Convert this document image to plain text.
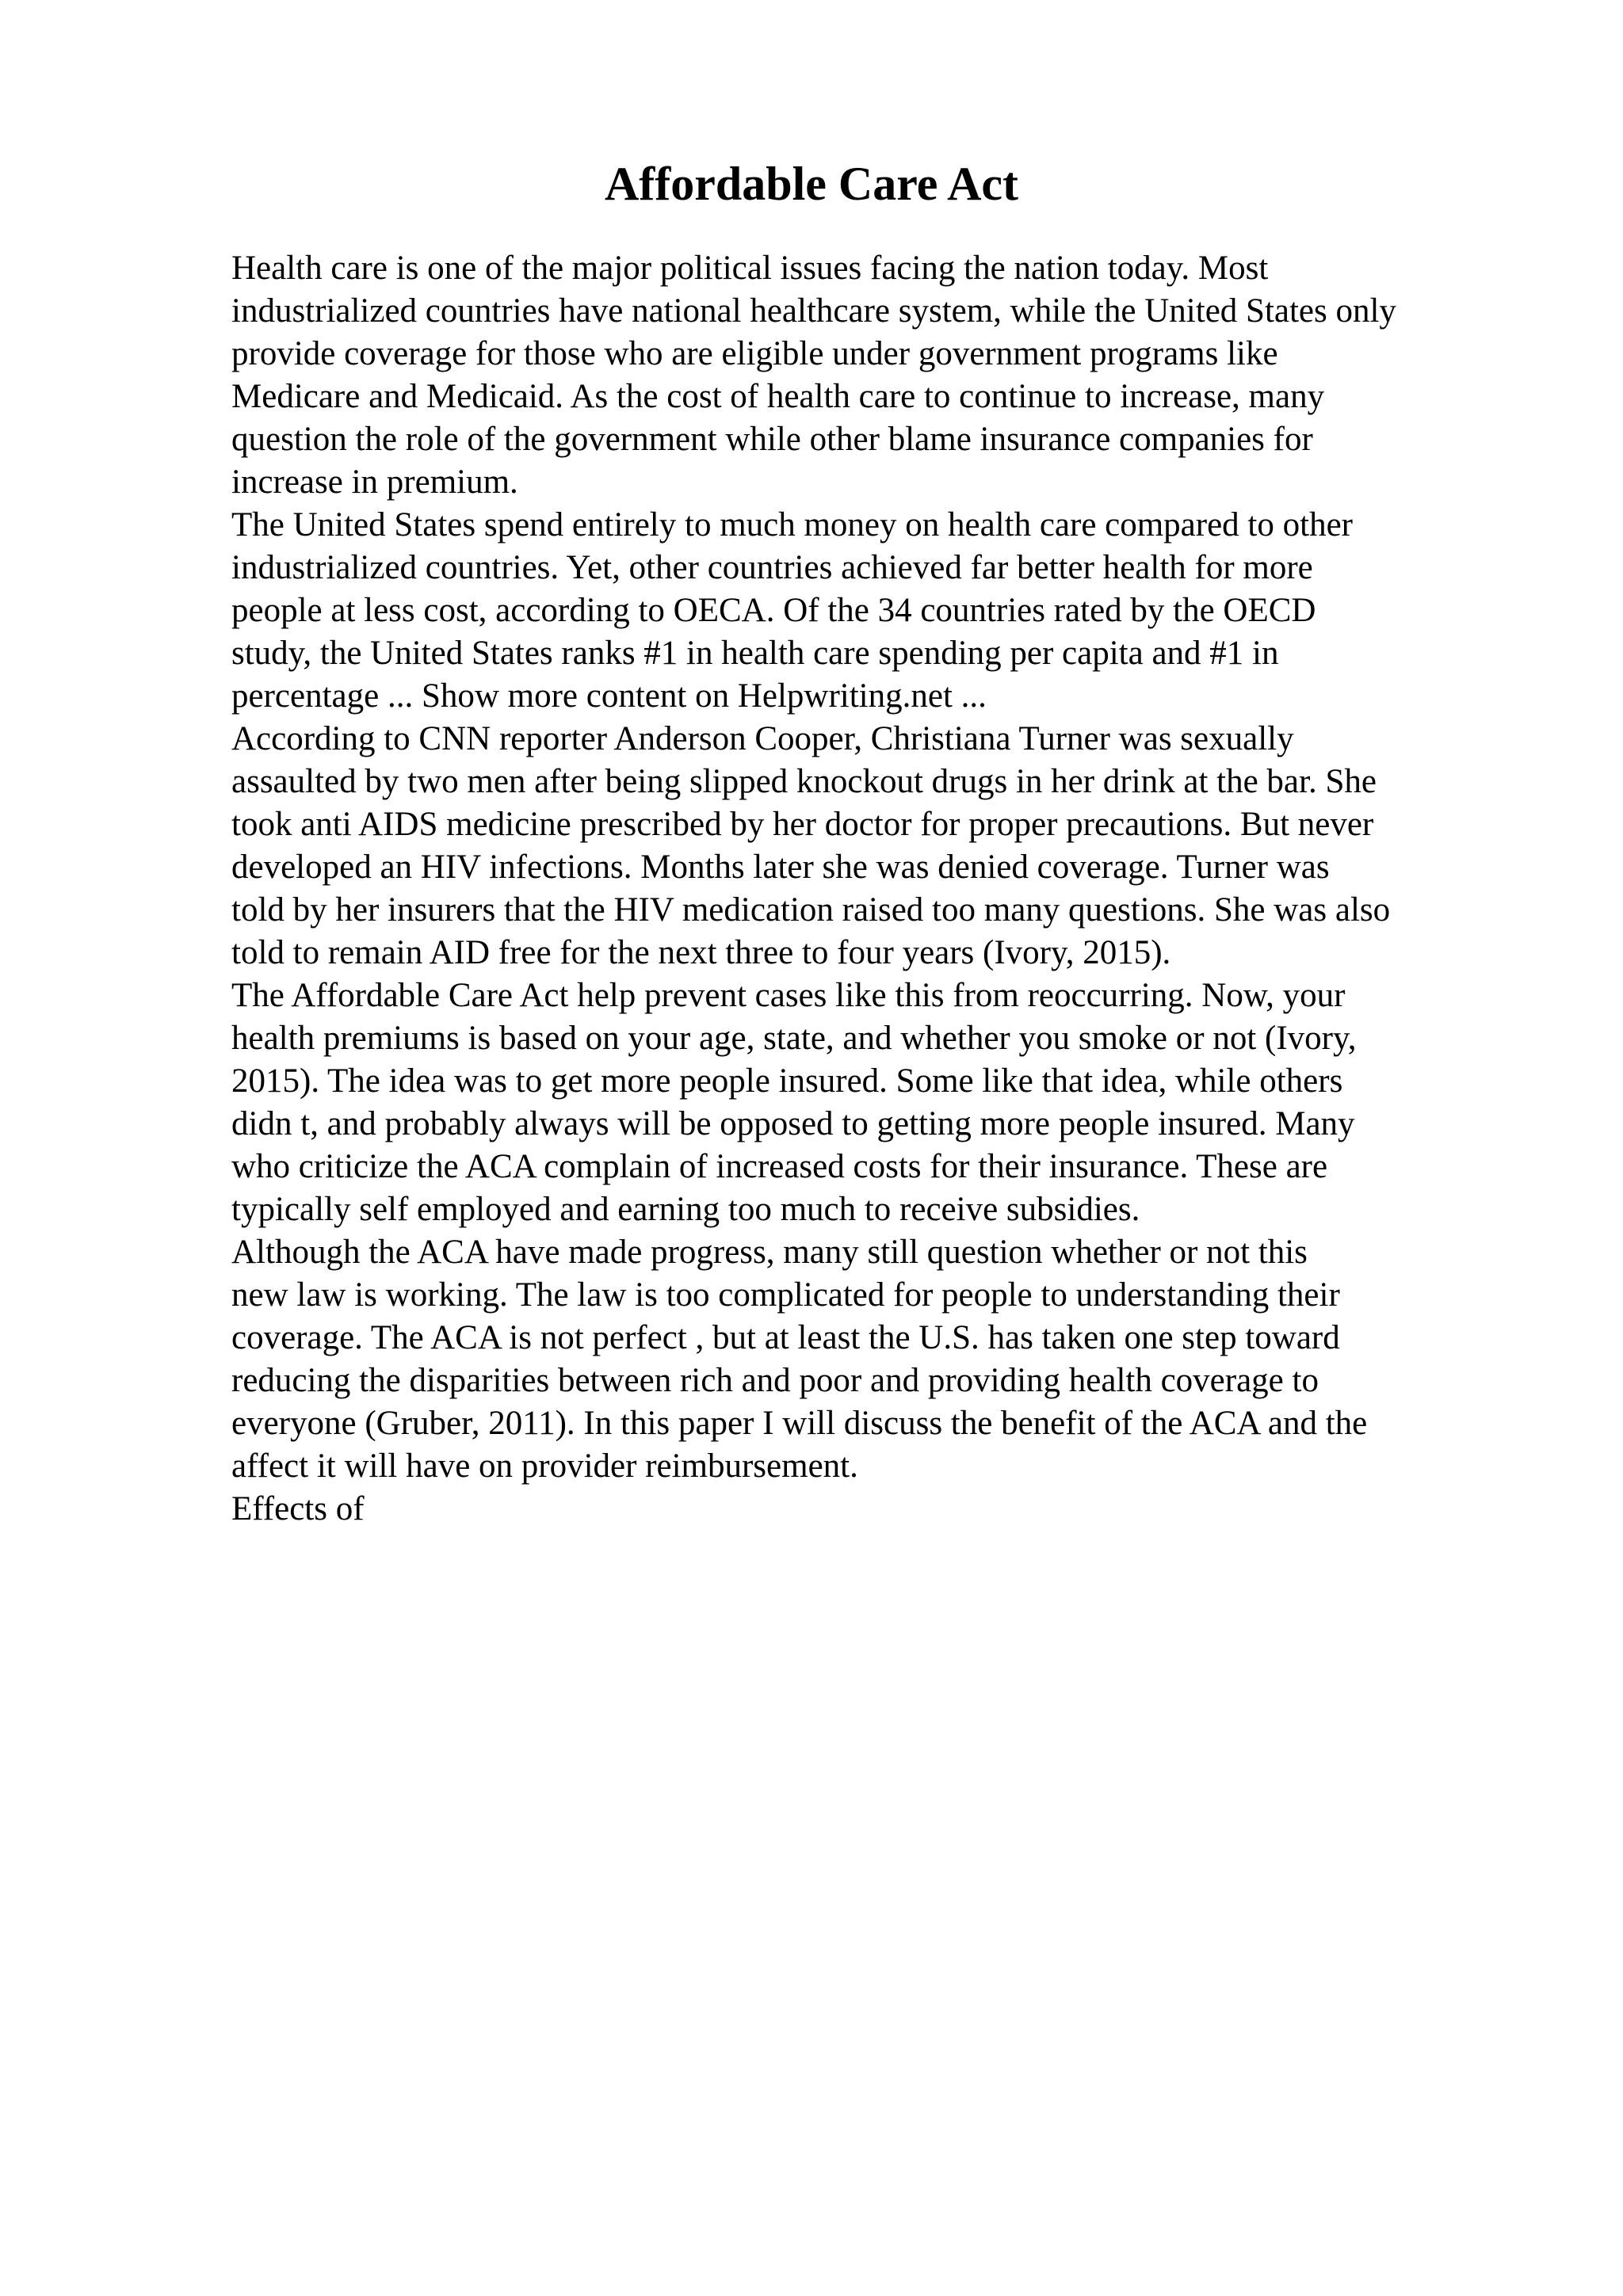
Affordable Care Act
Health care is one of the major political issues facing the nation today. Most
industrialized countries have national healthcare system, while the United States only
provide coverage for those who are eligible under government programs like
Medicare and Medicaid. As the cost of health care to continue to increase, many
question the role of the government while other blame insurance companies for
increase in premium.
The United States spend entirely to much money on health care compared to other
industrialized countries. Yet, other countries achieved far better health for more
people at less cost, according to OECA. Of the 34 countries rated by the OECD
study, the United States ranks #1 in health care spending per capita and #1 in
percentage ... Show more content on Helpwriting.net ...
According to CNN reporter Anderson Cooper, Christiana Turner was sexually
assaulted by two men after being slipped knockout drugs in her drink at the bar. She
took anti AIDS medicine prescribed by her doctor for proper precautions. But never
developed an HIV infections. Months later she was denied coverage. Turner was
told by her insurers that the HIV medication raised too many questions. She was also
told to remain AID free for the next three to four years (Ivory, 2015).
The Affordable Care Act help prevent cases like this from reoccurring. Now, your
health premiums is based on your age, state, and whether you smoke or not (Ivory,
2015). The idea was to get more people insured. Some like that idea, while others
didn t, and probably always will be opposed to getting more people insured. Many
who criticize the ACA complain of increased costs for their insurance. These are
typically self employed and earning too much to receive subsidies.
Although the ACA have made progress, many still question whether or not this
new law is working. The law is too complicated for people to understanding their
coverage. The ACA is not perfect , but at least the U.S. has taken one step toward
reducing the disparities between rich and poor and providing health coverage to
everyone (Gruber, 2011). In this paper I will discuss the benefit of the ACA and the
affect it will have on provider reimbursement.
Effects of
